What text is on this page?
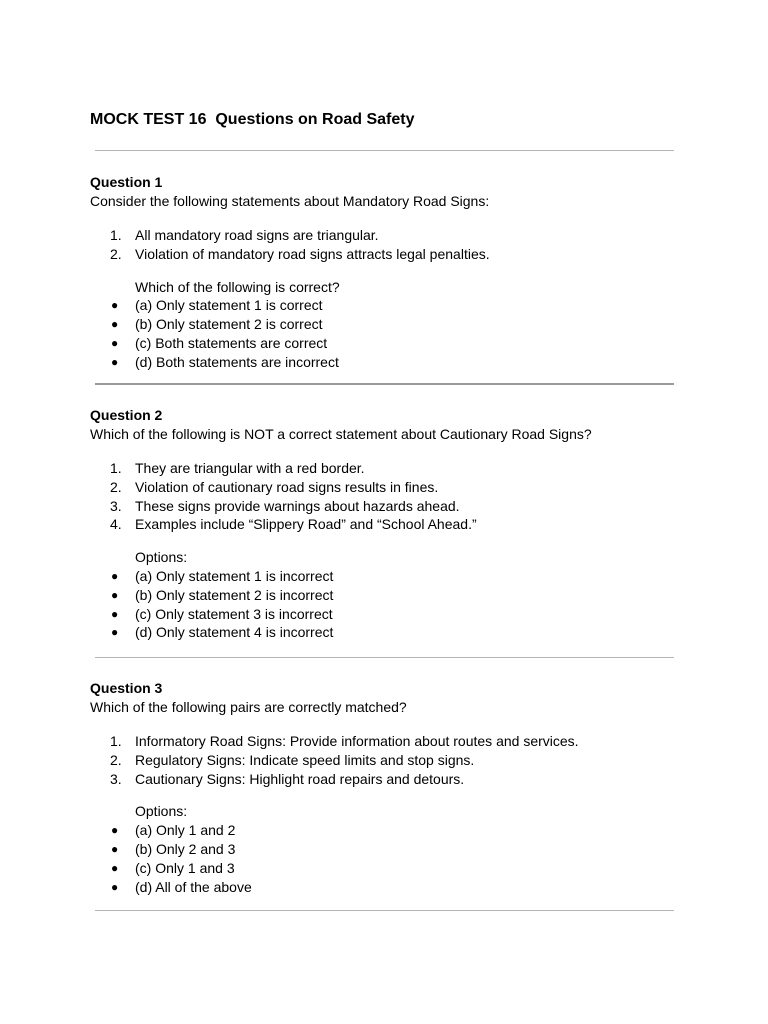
MOCK TEST 16  Questions on Road Safety
Question 1
Consider the following statements about Mandatory Road Signs:
1. All mandatory road signs are triangular.
2. Violation of mandatory road signs attracts legal penalties.
Which of the following is correct?
● (a) Only statement 1 is correct
● (b) Only statement 2 is correct
● (c) Both statements are correct
● (d) Both statements are incorrect
Question 2
Which of the following is NOT a correct statement about Cautionary Road Signs?
1. They are triangular with a red border.
2. Violation of cautionary road signs results in fines.
3. These signs provide warnings about hazards ahead.
4. Examples include “Slippery Road” and “School Ahead.”
Options:
● (a) Only statement 1 is incorrect
● (b) Only statement 2 is incorrect
● (c) Only statement 3 is incorrect
● (d) Only statement 4 is incorrect
Question 3
Which of the following pairs are correctly matched?
1. Informatory Road Signs: Provide information about routes and services.
2. Regulatory Signs: Indicate speed limits and stop signs.
3. Cautionary Signs: Highlight road repairs and detours.
Options:
● (a) Only 1 and 2
● (b) Only 2 and 3
● (c) Only 1 and 3
● (d) All of the above
